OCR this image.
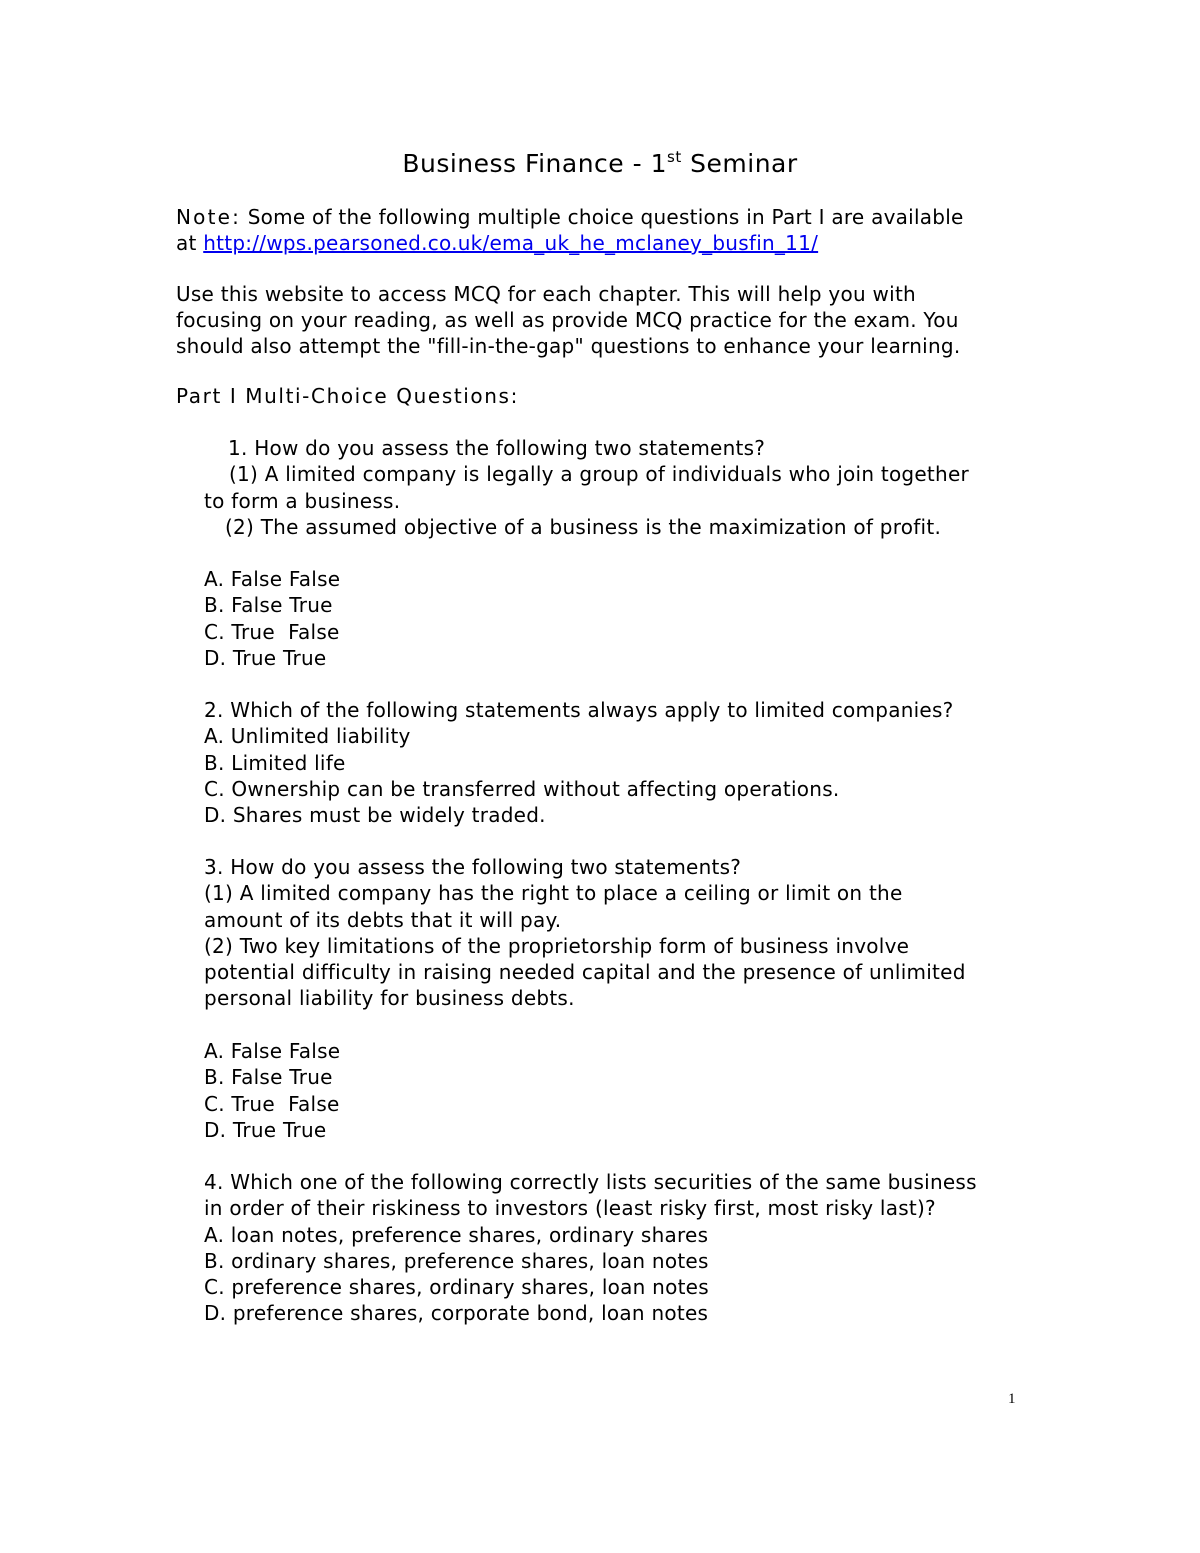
Business Finance - 1st Seminar
Note: Some of the following multiple choice questions in Part I are available
at http://wps.pearsoned.co.uk/ema_uk_he_mclaney_busfin_11/
Use this website to access MCQ for each chapter. This will help you with
focusing on your reading, as well as provide MCQ practice for the exam. You
should also attempt the "fill-in-the-gap" questions to enhance your learning.
Part I Multi-Choice Questions:
1. How do you assess the following two statements?
(1) A limited company is legally a group of individuals who join together
to form a business.
(2) The assumed objective of a business is the maximization of profit.
A. False False
B. False True
C. True  False
D. True True
2. Which of the following statements always apply to limited companies?
A. Unlimited liability
B. Limited life
C. Ownership can be transferred without affecting operations.
D. Shares must be widely traded.
3. How do you assess the following two statements?
(1) A limited company has the right to place a ceiling or limit on the
amount of its debts that it will pay.
(2) Two key limitations of the proprietorship form of business involve
potential difficulty in raising needed capital and the presence of unlimited
personal liability for business debts.
A. False False
B. False True
C. True  False
D. True True
4. Which one of the following correctly lists securities of the same business
in order of their riskiness to investors (least risky first, most risky last)?
A. loan notes, preference shares, ordinary shares
B. ordinary shares, preference shares, loan notes
C. preference shares, ordinary shares, loan notes
D. preference shares, corporate bond, loan notes
1
